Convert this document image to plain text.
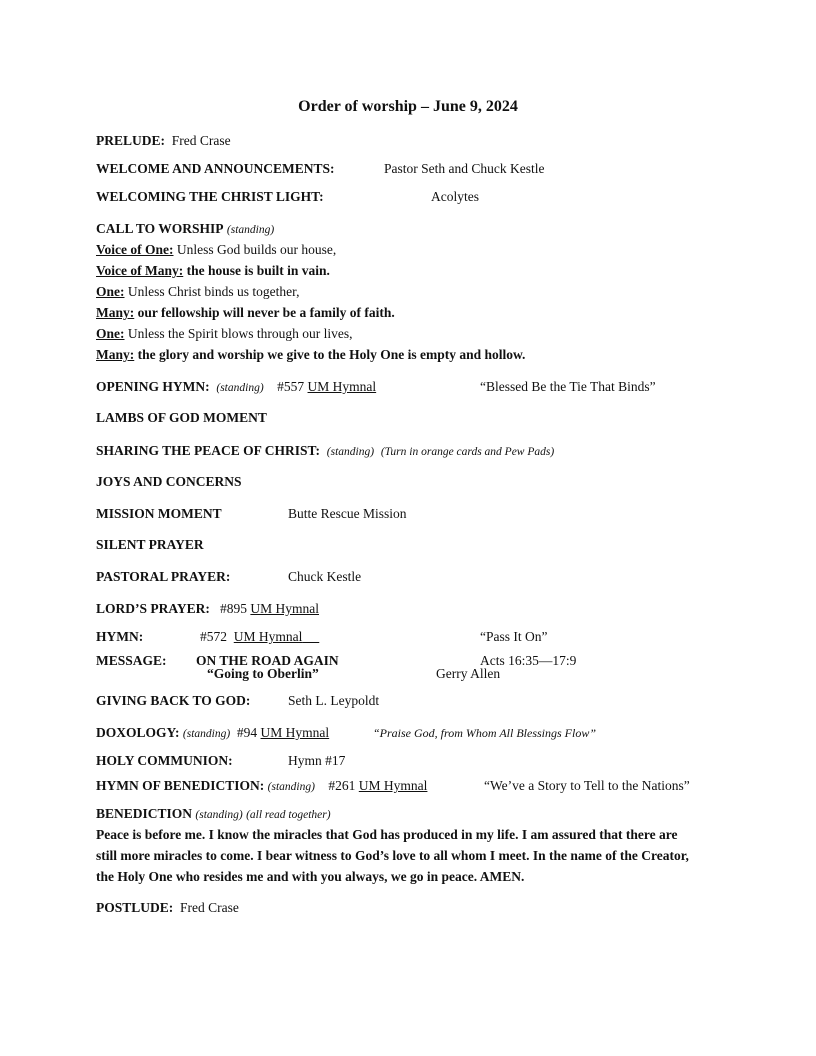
Order of worship – June 9, 2024
PRELUDE: Fred Crase
WELCOME AND ANNOUNCEMENTS:	Pastor Seth and Chuck Kestle
WELCOMING THE CHRIST LIGHT:	Acolytes
CALL TO WORSHIP (standing)
Voice of One: Unless God builds our house,
Voice of Many: the house is built in vain.
One: Unless Christ binds us together,
Many: our fellowship will never be a family of faith.
One: Unless the Spirit blows through our lives,
Many: the glory and worship we give to the Holy One is empty and hollow.
OPENING HYMN: (standing) #557 UM Hymnal	“Blessed Be the Tie That Binds”
LAMBS OF GOD MOMENT
SHARING THE PEACE OF CHRIST: (standing) (Turn in orange cards and Pew Pads)
JOYS AND CONCERNS
MISSION MOMENT	Butte Rescue Mission
SILENT PRAYER
PASTORAL PRAYER:	Chuck Kestle
LORD’S PRAYER: #895 UM Hymnal
HYMN:	#572 UM Hymnal	“Pass It On”
MESSAGE: ON THE ROAD AGAIN	Acts 16:35—17:9
“Going to Oberlin”	Gerry Allen
GIVING BACK TO GOD:	Seth L. Leypoldt
DOXOLOGY: (standing) #94 UM Hymnal	“Praise God, from Whom All Blessings Flow”
HOLY COMMUNION:	Hymn #17
HYMN OF BENEDICTION: (standing) #261 UM Hymnal	“We’ve a Story to Tell to the Nations”
BENEDICTION (standing) (all read together)
Peace is before me. I know the miracles that God has produced in my life. I am assured that there are
still more miracles to come. I bear witness to God’s love to all whom I meet. In the name of the Creator,
the Holy One who resides me and with you always, we go in peace. AMEN.
POSTLUDE: Fred Crase
